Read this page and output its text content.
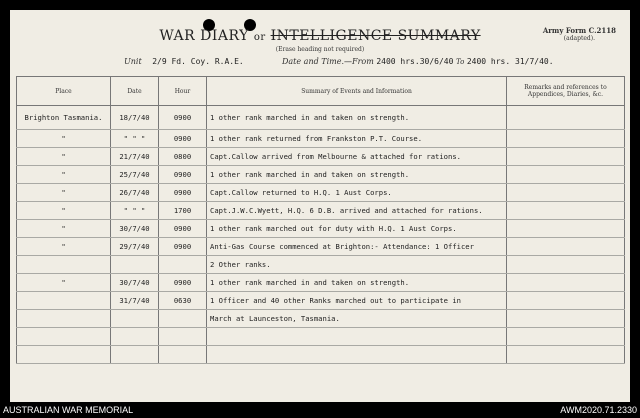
WAR DIARY or INTELLIGENCE SUMMARY
(Erase heading not required)
Army Form C.2118
(adapted).
Unit 2/9 Fd. Coy. R.A.E.	Date and Time.—From 2400 hrs.30/6/40 To 2400 hrs. 31/7/40.
Place	Date	Hour	Summary of Events and Information	Remarks and references to Appendices, Diaries, &c.
Brighton Tasmania.	18/7/40	0900	1 other rank marched in and taken on strength.	
"	" " "	0900	1 other rank returned from Frankston P.T. Course.	
"	21/7/40	0800	Capt.Callow arrived from Melbourne & attached for rations.	
"	25/7/40	0900	1 other rank marched in and taken on strength.	
"	26/7/40	0900	Capt.Callow returned to H.Q. 1 Aust Corps.	
"	" " "	1700	Capt.J.W.C.Wyett, H.Q. 6 D.B. arrived and attached for rations.	
"	30/7/40	0900	1 other rank marched out for duty with H.Q. 1 Aust Corps.	
"	29/7/40	0900	Anti-Gas Course commenced at Brighton:- Attendance: 1 Officer	
			2 Other ranks.	
"	30/7/40	0900	1 other rank marched in and taken on strength.	
	31/7/40	0630	1 Officer and 40 other Ranks marched out to participate in	
			March at Launceston, Tasmania.	

AUSTRALIAN WAR MEMORIAL	AWM2020.71.2330
